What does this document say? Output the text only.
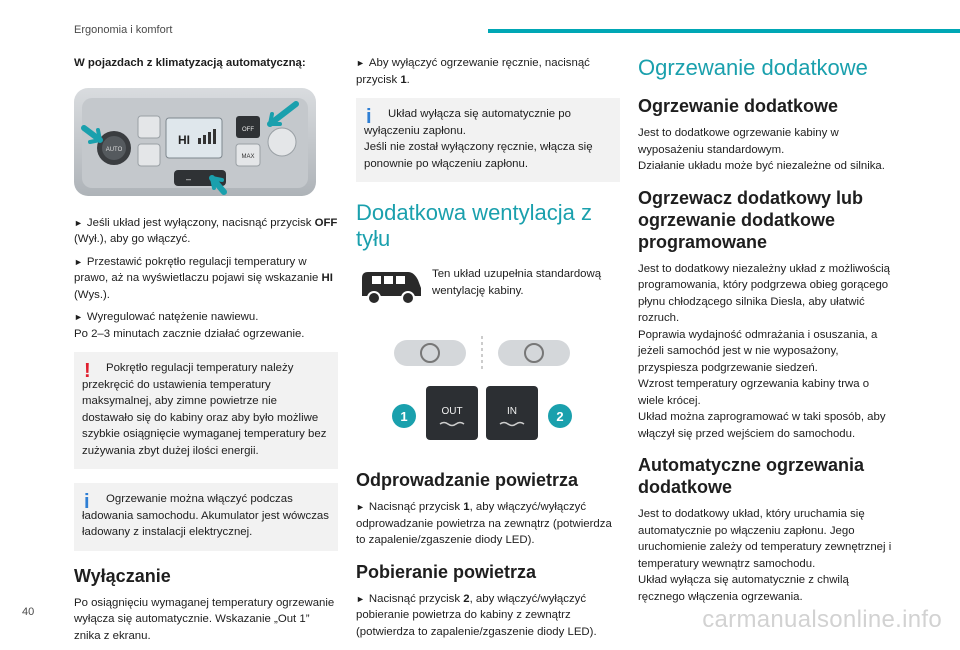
Ergonomia i komfort

W pojazdach z klimatyzacją automatyczną:

AUTO
HI
OFF
MAX
–

► Jeśli układ jest wyłączony, nacisnąć przycisk OFF (Wył.), aby go włączyć.

► Przestawić pokrętło regulacji temperatury w prawo, aż na wyświetlaczu pojawi się wskazanie HI (Wys.).

► Wyregulować natężenie nawiewu.

Po 2–3 minutach zacznie działać ogrzewanie.

!	Pokrętło regulacji temperatury należy przekręcić do ustawienia temperatury maksymalnej, aby zimne powietrze nie dostawało się do kabiny oraz aby było możliwe szybkie osiągnięcie wymaganej temperatury bez zużywania zbyt dużej ilości energii.

i	Ogrzewanie można włączyć podczas ładowania samochodu. Akumulator jest wówczas ładowany z instalacji elektrycznej.

Wyłączanie

Po osiągnięciu wymaganej temperatury ogrzewanie wyłącza się automatycznie. Wskazanie „Out 1” znika z ekranu.

► Aby wyłączyć ogrzewanie ręcznie, nacisnąć przycisk 1.

i	Układ wyłącza się automatycznie po wyłączeniu zapłonu.
Jeśli nie został wyłączony ręcznie, włącza się ponownie po włączeniu zapłonu.

Dodatkowa wentylacja z tyłu
Ten układ uzupełnia standardową wentylację kabiny.
OUT	IN
1	2
Odprowadzanie powietrza

► Nacisnąć przycisk 1, aby włączyć/wyłączyć odprowadzanie powietrza na zewnątrz (potwierdza to zapalenie/zgaszenie diody LED).

Pobieranie powietrza

► Nacisnąć przycisk 2, aby włączyć/wyłączyć pobieranie powietrza do kabiny z zewnątrz (potwierdza to zapalenie/zgaszenie diody LED).

Ogrzewanie dodatkowe
Ogrzewanie dodatkowe

Jest to dodatkowe ogrzewanie kabiny w wyposażeniu standardowym.
Działanie układu może być niezależne od silnika.

Ogrzewacz dodatkowy lub ogrzewanie dodatkowe programowane

Jest to dodatkowy niezależny układ z możliwością programowania, który podgrzewa obieg gorącego płynu chłodzącego silnika Diesla, aby ułatwić rozruch.
Poprawia wydajność odmrażania i osuszania, a jeżeli samochód jest w nie wyposażony, przyspiesza podgrzewanie siedzeń.
Wzrost temperatury ogrzewania kabiny trwa o wiele krócej.
Układ można zaprogramować w taki sposób, aby włączył się przed wejściem do samochodu.

Automatyczne ogrzewania dodatkowe

Jest to dodatkowy układ, który uruchamia się automatycznie po włączeniu zapłonu. Jego uruchomienie zależy od temperatury zewnętrznej i temperatury wewnątrz samochodu.
Układ wyłącza się automatycznie z chwilą ręcznego włączenia ogrzewania.

40	carmanualsonline.info
